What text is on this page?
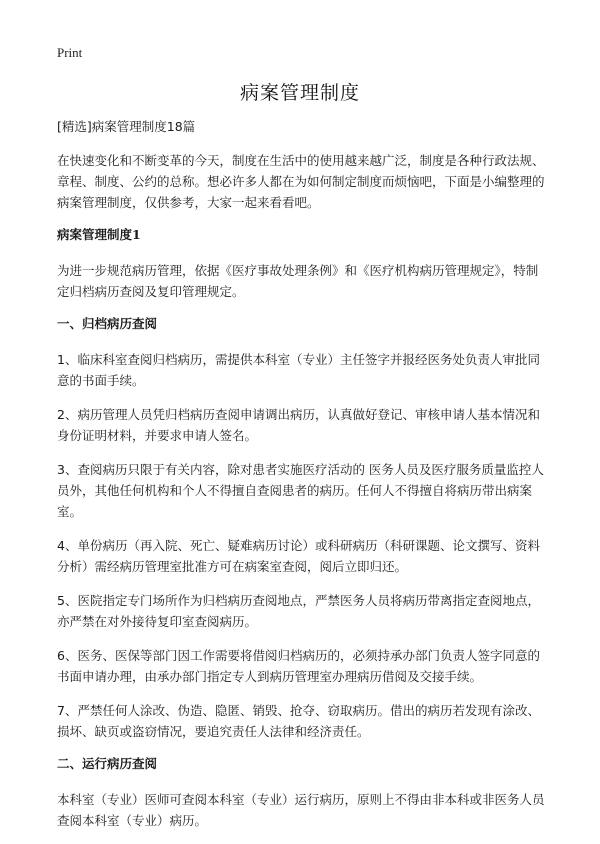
Print
病案管理制度
[精选]病案管理制度18篇

在快速变化和不断变革的今天，制度在生活中的使用越来越广泛，制度是各种行政法规、章程、制度、公约的总称。想必许多人都在为如何制定制度而烦恼吧，下面是小编整理的病案管理制度，仅供参考，大家一起来看看吧。

病案管理制度1

为进一步规范病历管理，依据《医疗事故处理条例》和《医疗机构病历管理规定》，特制定归档病历查阅及复印管理规定。

一、归档病历查阅

1、临床科室查阅归档病历，需提供本科室（专业）主任签字并报经医务处负责人审批同意的书面手续。

2、病历管理人员凭归档病历查阅申请调出病历，认真做好登记、审核申请人基本情况和身份证明材料，并要求申请人签名。

3、查阅病历只限于有关内容，除对患者实施医疗活动的 医务人员及医疗服务质量监控人员外，其他任何机构和个人不得擅自查阅患者的病历。任何人不得擅自将病历带出病案室。

4、单份病历（再入院、死亡、疑难病历讨论）或科研病历（科研课题、论文撰写、资料分析）需经病历管理室批准方可在病案室查阅，阅后立即归还。

5、医院指定专门场所作为归档病历查阅地点，严禁医务人员将病历带离指定查阅地点，亦严禁在对外接待复印室查阅病历。

6、医务、医保等部门因工作需要将借阅归档病历的，必须持承办部门负责人签字同意的书面申请办理，由承办部门指定专人到病历管理室办理病历借阅及交接手续。

7、严禁任何人涂改、伪造、隐匿、销毁、抢夺、窃取病历。借出的病历若发现有涂改、损坏、缺页或盗窃情况，要追究责任人法律和经济责任。

二、运行病历查阅

本科室（专业）医师可查阅本科室（专业）运行病历，原则上不得由非本科或非医务人员查阅本科室（专业）病历。
